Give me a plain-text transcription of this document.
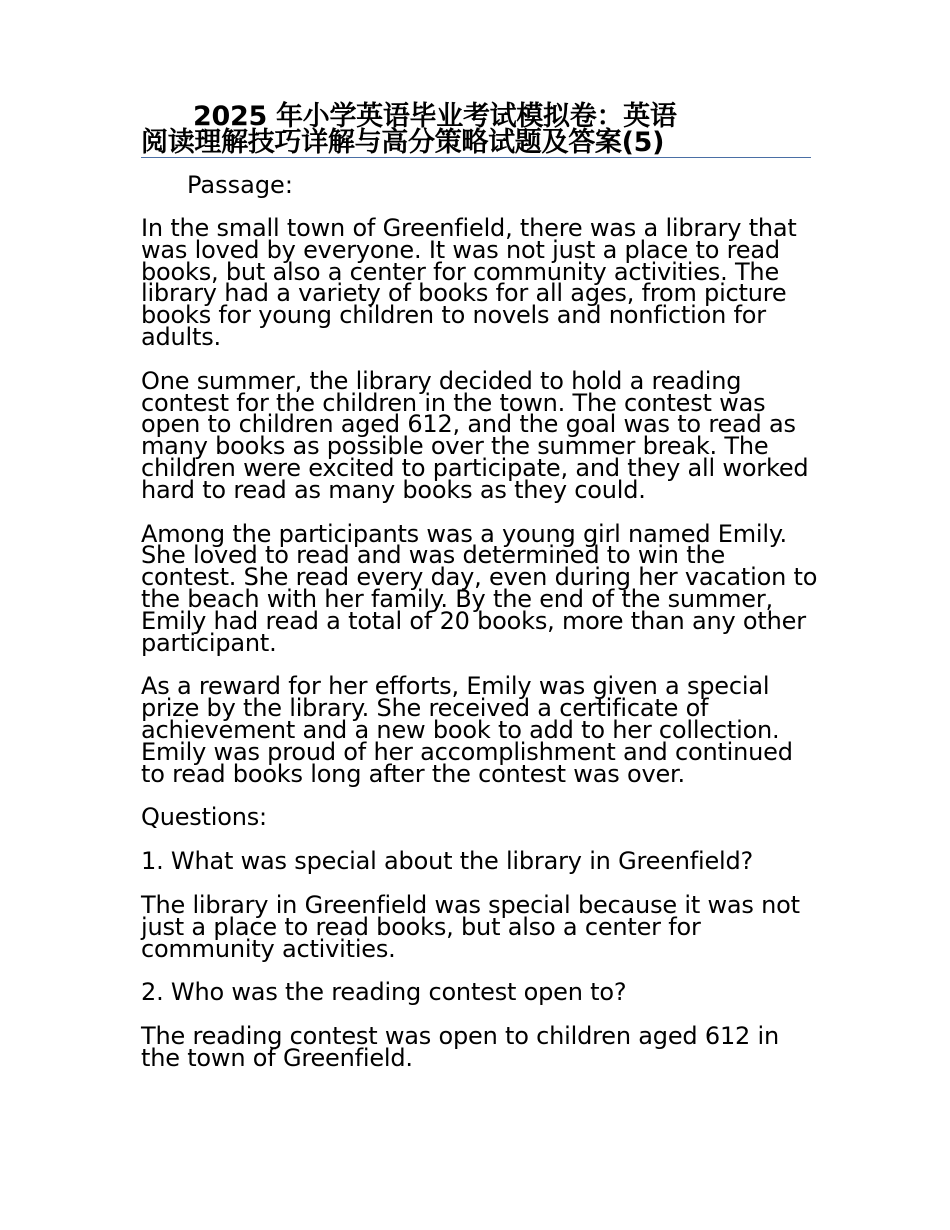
2025 年小学英语毕业考试模拟卷：英语
阅读理解技巧详解与高分策略试题及答案(5)

Passage:

In the small town of Greenfield, there was a library that
was loved by everyone. It was not just a place to read
books, but also a center for community activities. The
library had a variety of books for all ages, from picture
books for young children to novels and nonfiction for
adults.

One summer, the library decided to hold a reading
contest for the children in the town. The contest was
open to children aged 612, and the goal was to read as
many books as possible over the summer break. The
children were excited to participate, and they all worked
hard to read as many books as they could.

Among the participants was a young girl named Emily.
She loved to read and was determined to win the
contest. She read every day, even during her vacation to
the beach with her family. By the end of the summer,
Emily had read a total of 20 books, more than any other
participant.

As a reward for her efforts, Emily was given a special
prize by the library. She received a certificate of
achievement and a new book to add to her collection.
Emily was proud of her accomplishment and continued
to read books long after the contest was over.

Questions:

1. What was special about the library in Greenfield?

The library in Greenfield was special because it was not
just a place to read books, but also a center for
community activities.

2. Who was the reading contest open to?

The reading contest was open to children aged 612 in
the town of Greenfield.
